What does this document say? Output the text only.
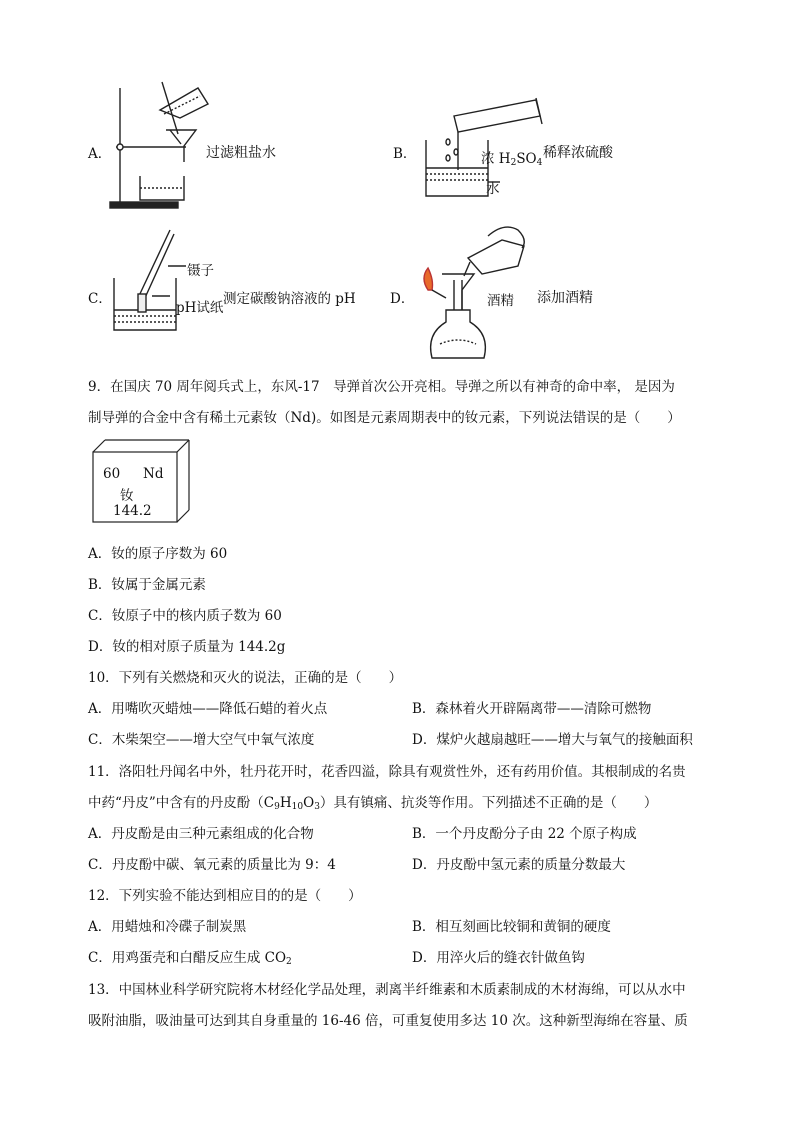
A．	过滤粗盐水	B．	浓 $H_2SO_4$
稀释浓硫酸
水
C．
镊子
pH试纸
测定碳酸钠溶液的 pH	D．	酒精 添加酒精
9．在国庆 70 周年阅兵式上，东风-17　导弹首次公开亮相。导弹之所以有神奇的命中率， 是因为
制导弹的合金中含有稀土元素钕（Nd)。如图是元素周期表中的钕元素，下列说法错误的是（　　）
60 Nd
钕
144.2
A．钕的原子序数为 60
B．钕属于金属元素
C．钕原子中的核内质子数为 60
D．钕的相对原子质量为 144.2g
10．下列有关燃烧和灭火的说法，正确的是（　　）
A．用嘴吹灭蜡烛——降低石蜡的着火点	B．森林着火开辟隔离带——清除可燃物
C．木柴架空——增大空气中氧气浓度	D．煤炉火越扇越旺——增大与氧气的接触面积
11．洛阳牡丹闻名中外，牡丹花开时，花香四溢，除具有观赏性外，还有药用价值。其根制成的名贵
中药“丹皮”中含有的丹皮酚$(C_9H_{10}O_3)$具有镇痛、抗炎等作用。下列描述不正确的是（　　）
A．丹皮酚是由三种元素组成的化合物	B．一个丹皮酚分子由 22 个原子构成
C．丹皮酚中碳、氧元素的质量比为 9：4	D．丹皮酚中氢元素的质量分数最大
12．下列实验不能达到相应目的的是（　　）
A．用蜡烛和冷碟子制炭黑	B．相互刻画比较铜和黄铜的硬度
C．用鸡蛋壳和白醋反应生成 $CO_2$	D．用淬火后的缝衣针做鱼钩
13．中国林业科学研究院将木材经化学品处理，剥离半纤维素和木质素制成的木材海绵，可以从水中
吸附油脂，吸油量可达到其自身重量的 16-46 倍，可重复使用多达 10 次。这种新型海绵在容量、质
